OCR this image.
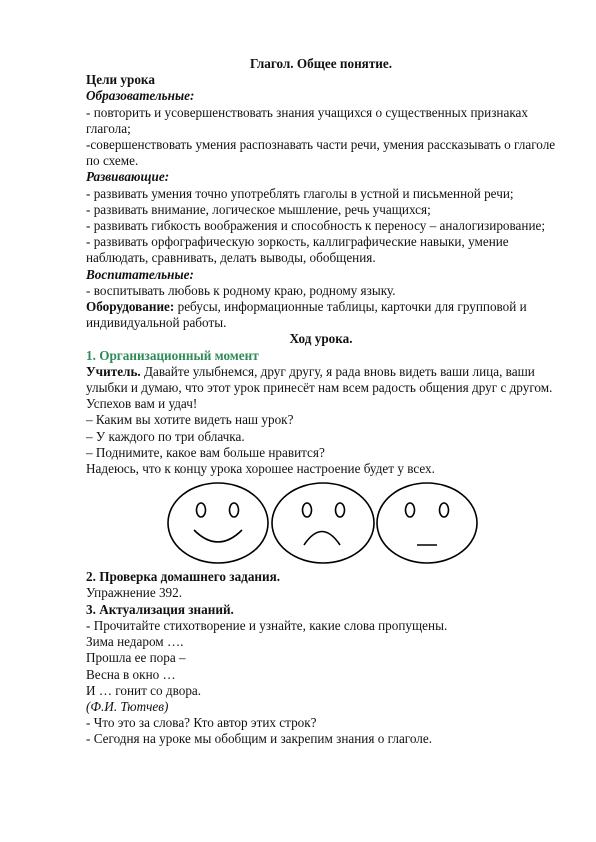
Глагол. Общее понятие.
Цели урока
Образовательные:
- повторить и усовершенствовать знания учащихся о существенных признаках глагола;
-совершенствовать умения распознавать части речи, умения рассказывать о глаголе по схеме.
Развивающие:
- развивать умения точно употреблять глаголы в устной и письменной речи;
- развивать внимание, логическое мышление, речь учащихся;
- развивать гибкость воображения и способность к переносу – аналогизирование;
- развивать орфографическую зоркость, каллиграфические навыки, умение наблюдать, сравнивать, делать выводы, обобщения.
Воспитательные:
- воспитывать любовь к родному краю, родному языку.
Оборудование: ребусы, информационные таблицы, карточки для групповой и индивидуальной работы.
Ход урока.
1. Организационный момент
Учитель. Давайте улыбнемся, друг другу, я рада вновь видеть ваши лица, ваши улыбки и думаю, что этот урок принесёт нам всем радость общения друг с другом. Успехов вам и удач!
– Каким вы хотите видеть наш урок?
– У каждого по три облачка.
– Поднимите, какое вам больше нравится?
Надеюсь, что к концу урока хорошее настроение будет у всех.
2. Проверка домашнего задания.
Упражнение 392.
3. Актуализация знаний.
- Прочитайте стихотворение и узнайте, какие слова пропущены.
Зима недаром ….
Прошла ее пора –
Весна в окно …
И … гонит со двора.
(Ф.И. Тютчев)
- Что это за слова? Кто автор этих строк?
- Сегодня на уроке мы обобщим и закрепим знания о глаголе.
